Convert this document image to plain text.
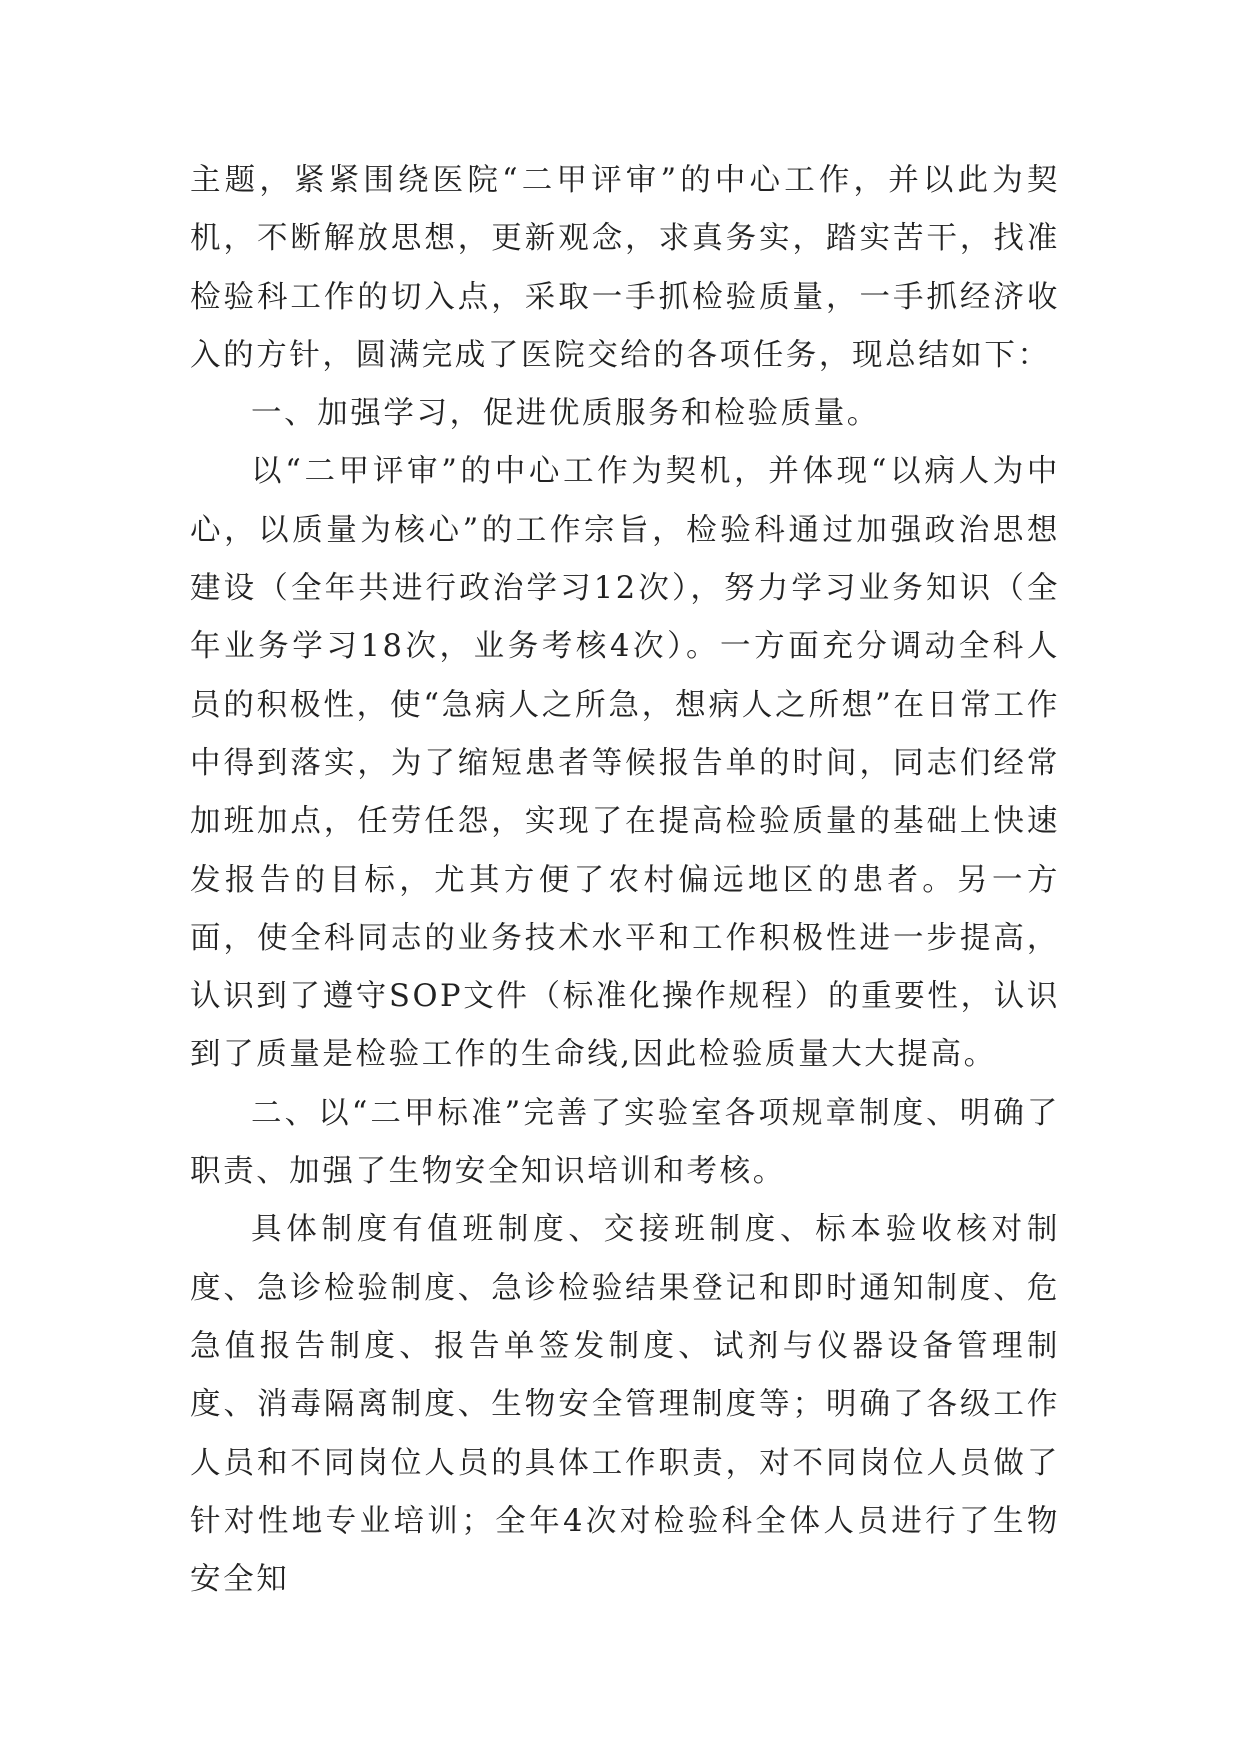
主题，紧紧围绕医院“二甲评审”的中心工作，并以此为契机，不断解放思想，更新观念，求真务实，踏实苦干，找准检验科工作的切入点，采取一手抓检验质量，一手抓经济收入的方针，圆满完成了医院交给的各项任务，现总结如下：

一、加强学习，促进优质服务和检验质量。

以“二甲评审”的中心工作为契机，并体现“以病人为中心，以质量为核心”的工作宗旨，检验科通过加强政治思想建设（全年共进行政治学习12次），努力学习业务知识（全年业务学习18次，业务考核4次）。一方面充分调动全科人员的积极性，使“急病人之所急，想病人之所想”在日常工作中得到落实，为了缩短患者等候报告单的时间，同志们经常加班加点，任劳任怨，实现了在提高检验质量的基础上快速发报告的目标，尤其方便了农村偏远地区的患者。另一方面，使全科同志的业务技术水平和工作积极性进一步提高，认识到了遵守SOP文件（标准化操作规程）的重要性，认识到了质量是检验工作的生命线,因此检验质量大大提高。

二、以“二甲标准”完善了实验室各项规章制度、明确了职责、加强了生物安全知识培训和考核。

具体制度有值班制度、交接班制度、标本验收核对制度、急诊检验制度、急诊检验结果登记和即时通知制度、危急值报告制度、报告单签发制度、试剂与仪器设备管理制度、消毒隔离制度、生物安全管理制度等；明确了各级工作人员和不同岗位人员的具体工作职责，对不同岗位人员做了针对性地专业培训；全年4次对检验科全体人员进行了生物安全知
